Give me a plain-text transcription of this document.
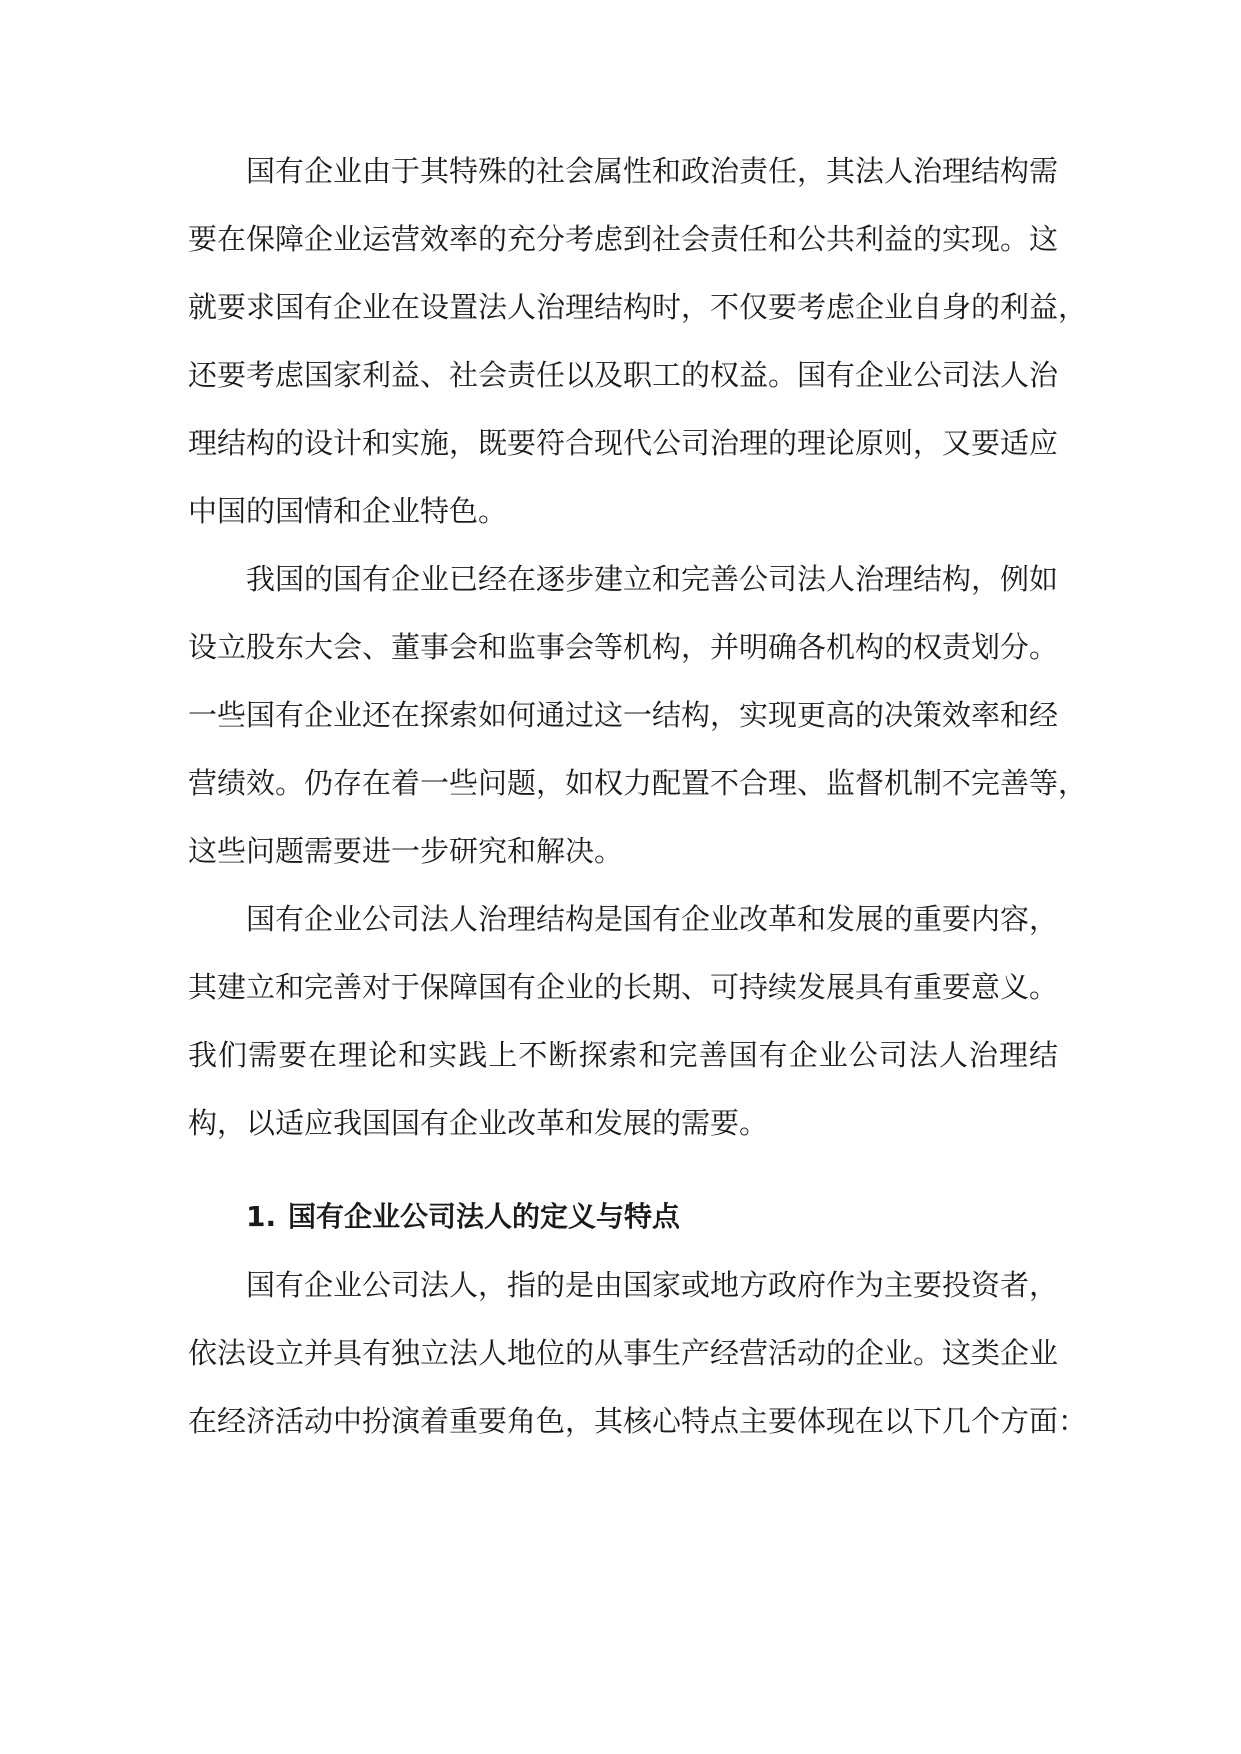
国有企业由于其特殊的社会属性和政治责任，其法人治理结构需
要在保障企业运营效率的充分考虑到社会责任和公共利益的实现。这
就要求国有企业在设置法人治理结构时，不仅要考虑企业自身的利益，
还要考虑国家利益、社会责任以及职工的权益。国有企业公司法人治
理结构的设计和实施，既要符合现代公司治理的理论原则，又要适应
中国的国情和企业特色。
我国的国有企业已经在逐步建立和完善公司法人治理结构，例如
设立股东大会、董事会和监事会等机构，并明确各机构的权责划分。
一些国有企业还在探索如何通过这一结构，实现更高的决策效率和经
营绩效。仍存在着一些问题，如权力配置不合理、监督机制不完善等，
这些问题需要进一步研究和解决。
国有企业公司法人治理结构是国有企业改革和发展的重要内容，
其建立和完善对于保障国有企业的长期、可持续发展具有重要意义。
我们需要在理论和实践上不断探索和完善国有企业公司法人治理结
构，以适应我国国有企业改革和发展的需要。
1. 国有企业公司法人的定义与特点
国有企业公司法人，指的是由国家或地方政府作为主要投资者，
依法设立并具有独立法人地位的从事生产经营活动的企业。这类企业
在经济活动中扮演着重要角色，其核心特点主要体现在以下几个方面：
